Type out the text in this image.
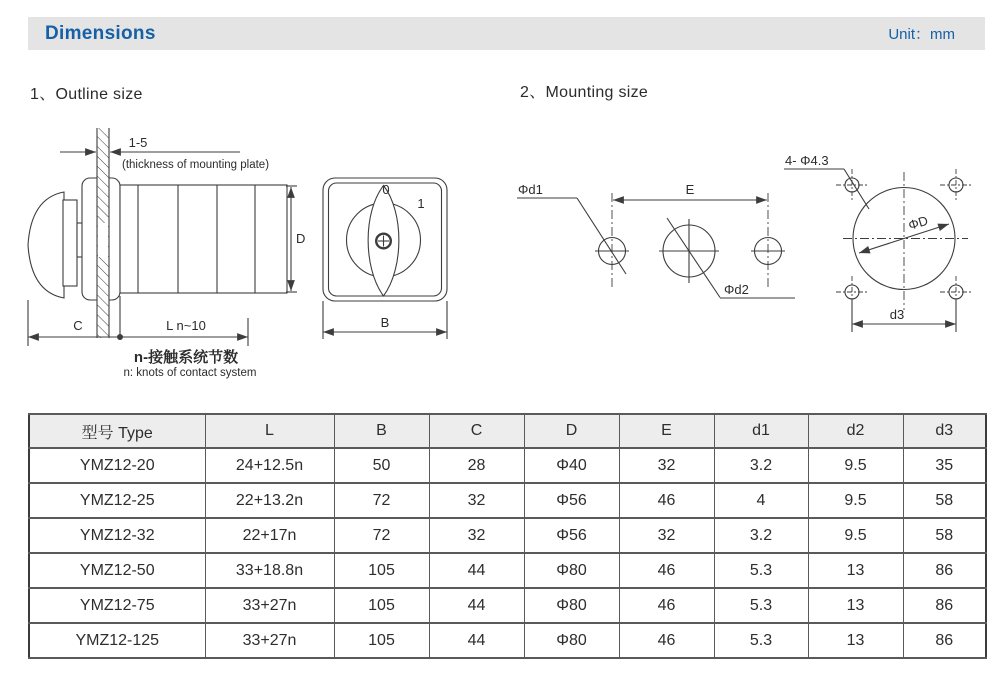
Dimensions	Unit：mm
1、Outline size	2、Mounting size
1-5
(thickness of mounting plate)
D
C	L n~10
n-接触系统节数
n: knots of contact system
0
1
B
E
Φd1
Φd2
4- Φ4.3
ΦD
d3
型号 Type	L	B	C	D	E	d1	d2	d3
YMZ12-20	24+12.5n	50	28	Φ40	32	3.2	9.5	35
YMZ12-25	22+13.2n	72	32	Φ56	46	4	9.5	58
YMZ12-32	22+17n	72	32	Φ56	32	3.2	9.5	58
YMZ12-50	33+18.8n	105	44	Φ80	46	5.3	13	86
YMZ12-75	33+27n	105	44	Φ80	46	5.3	13	86
YMZ12-125	33+27n	105	44	Φ80	46	5.3	13	86
